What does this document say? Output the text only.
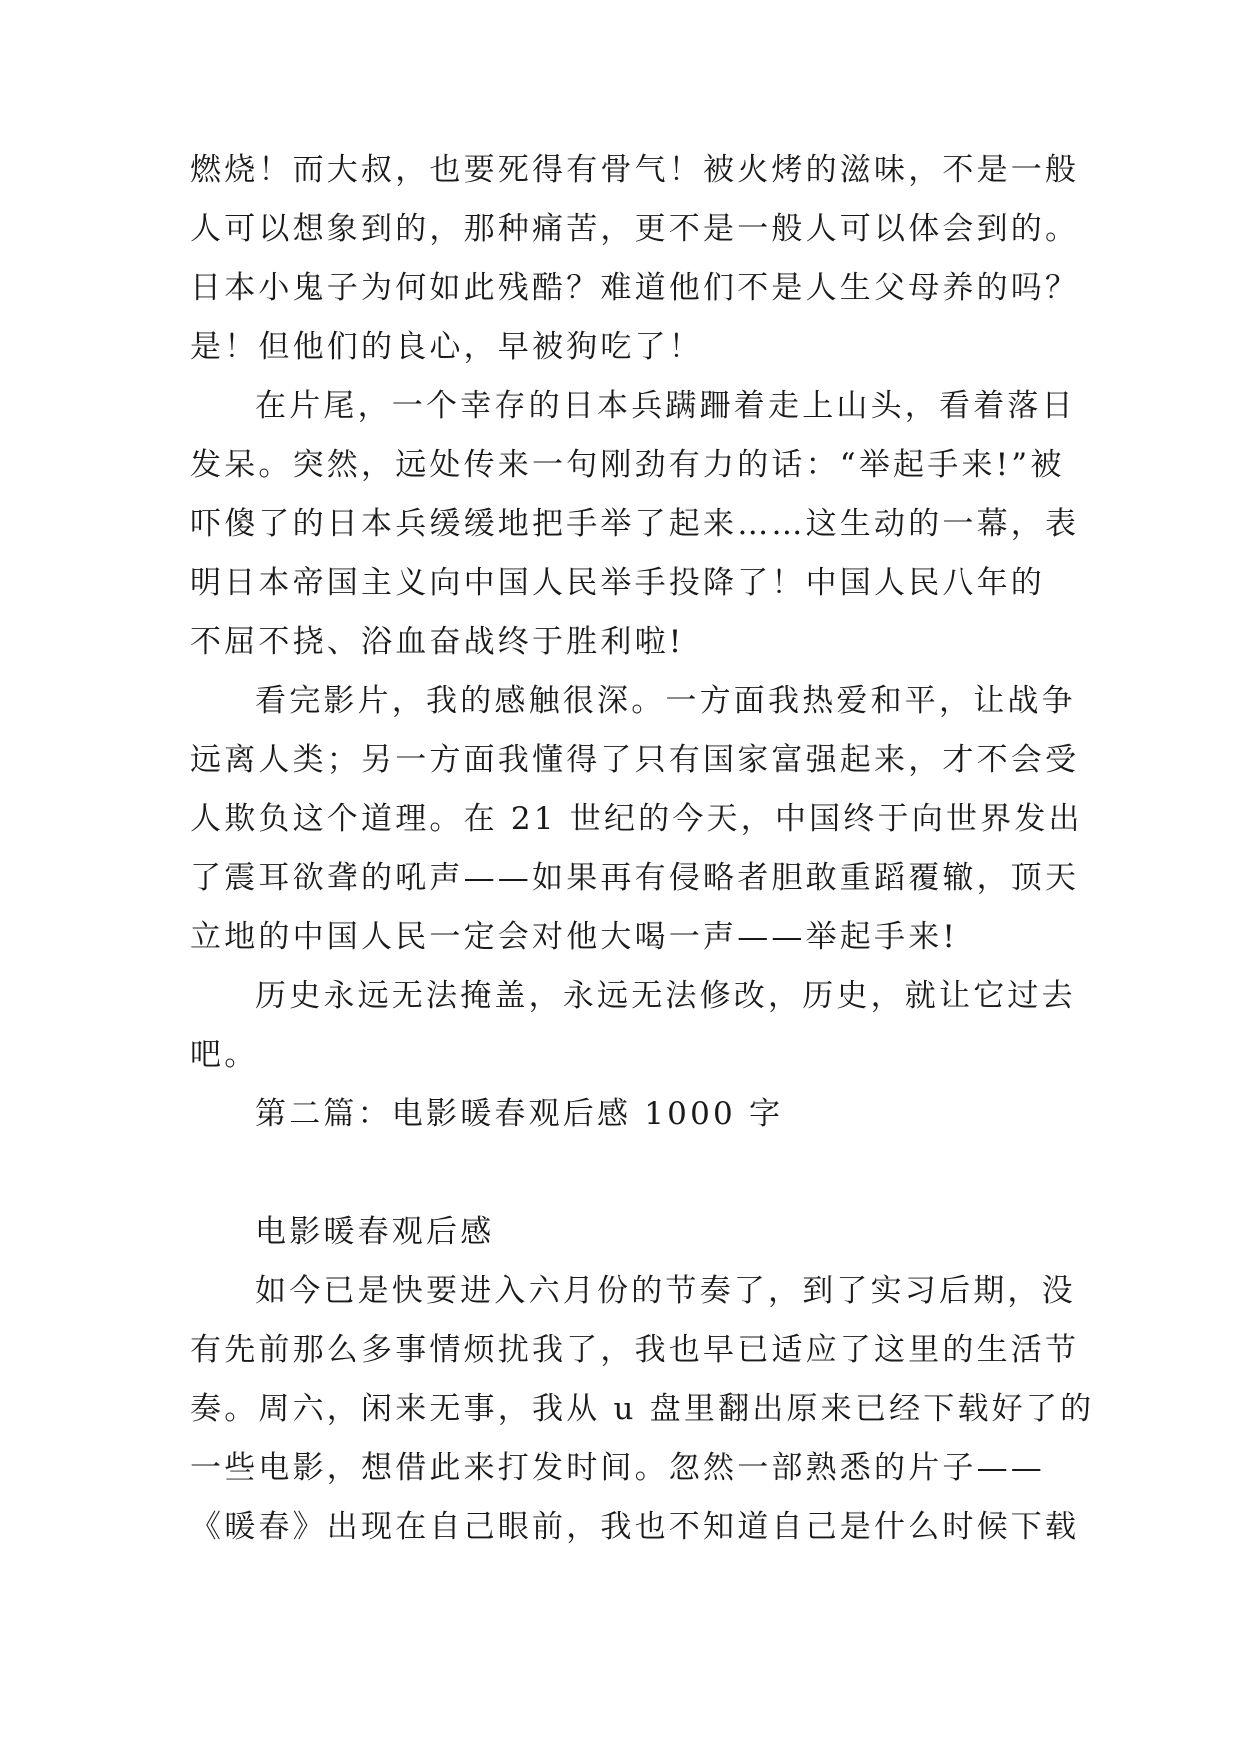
燃烧！而大叔，也要死得有骨气！被火烤的滋味，不是一般
人可以想象到的，那种痛苦，更不是一般人可以体会到的。
日本小鬼子为何如此残酷？难道他们不是人生父母养的吗？
是！但他们的良心，早被狗吃了！
在片尾，一个幸存的日本兵蹒跚着走上山头，看着落日
发呆。突然，远处传来一句刚劲有力的话：“举起手来!”被
吓傻了的日本兵缓缓地把手举了起来……这生动的一幕，表
明日本帝国主义向中国人民举手投降了！中国人民八年的
不屈不挠、浴血奋战终于胜利啦!
看完影片，我的感触很深。一方面我热爱和平，让战争
远离人类；另一方面我懂得了只有国家富强起来，才不会受
人欺负这个道理。在 21 世纪的今天，中国终于向世界发出
了震耳欲聋的吼声——如果再有侵略者胆敢重蹈覆辙，顶天
立地的中国人民一定会对他大喝一声——举起手来!
历史永远无法掩盖，永远无法修改，历史，就让它过去
吧。
第二篇：电影暖春观后感 1000 字
电影暖春观后感
如今已是快要进入六月份的节奏了，到了实习后期，没
有先前那么多事情烦扰我了，我也早已适应了这里的生活节
奏。周六，闲来无事，我从 u 盘里翻出原来已经下载好了的
一些电影，想借此来打发时间。忽然一部熟悉的片子——
《暖春》出现在自己眼前，我也不知道自己是什么时候下载
